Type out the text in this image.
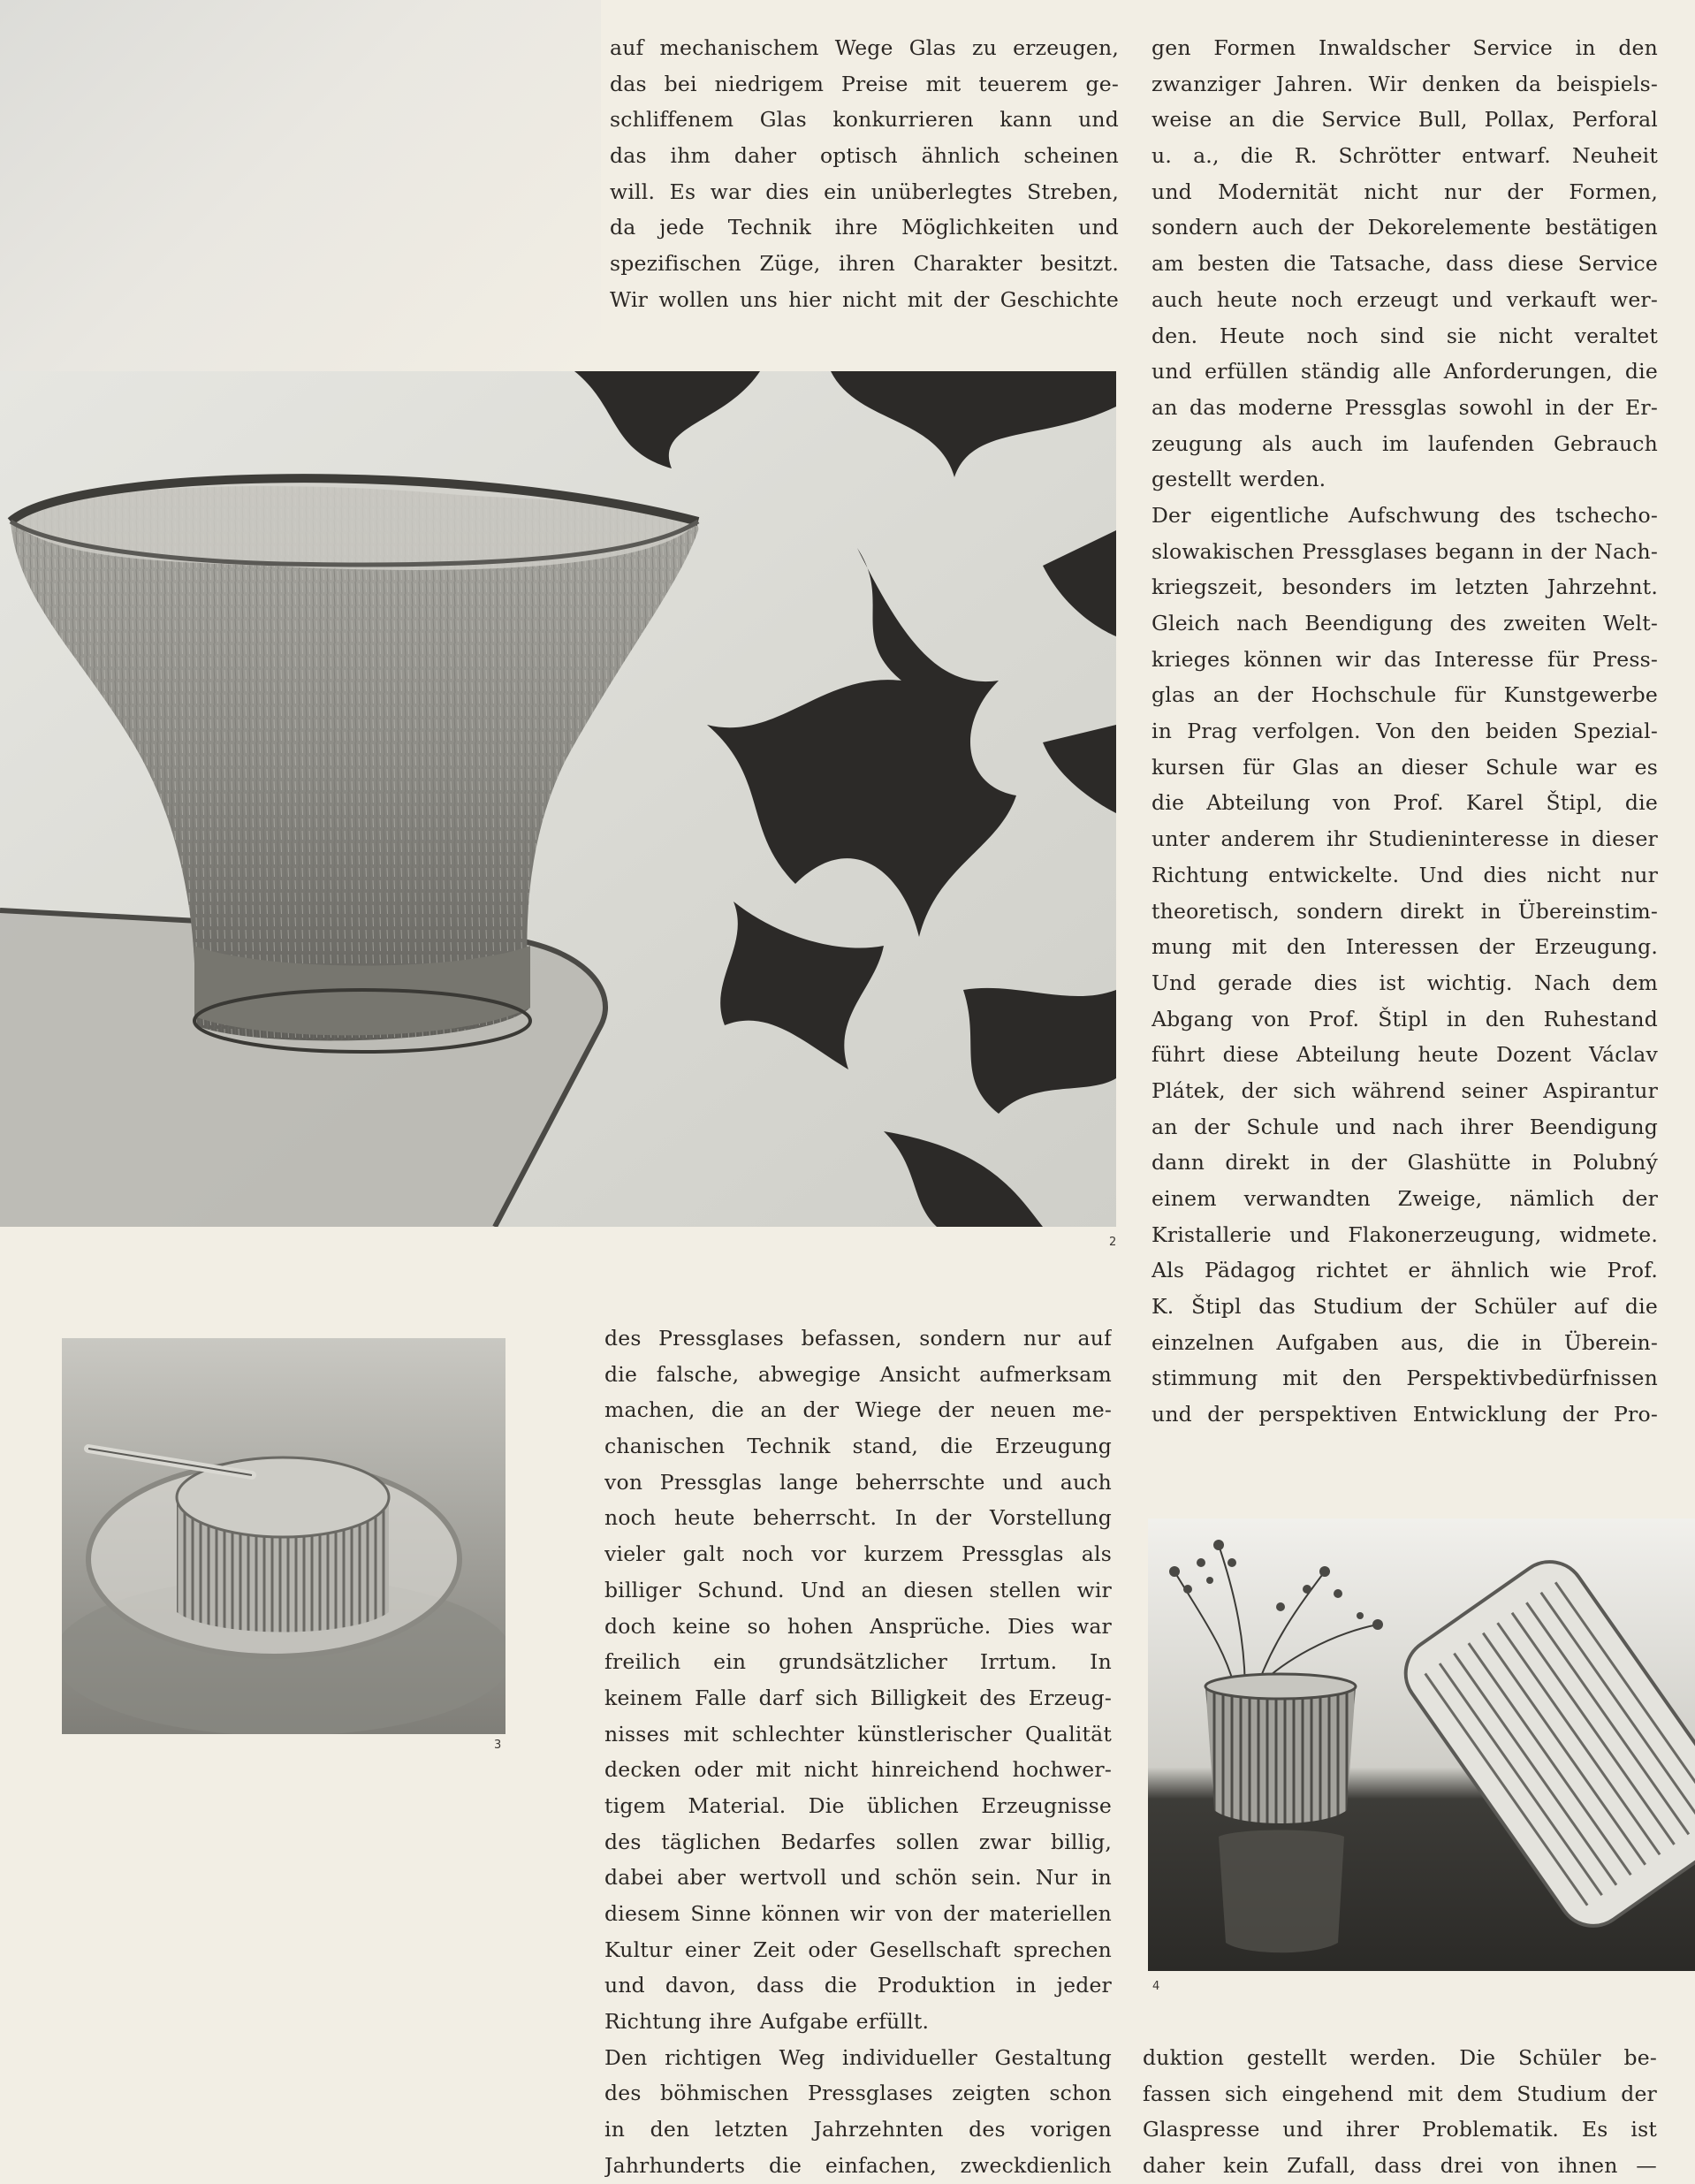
auf mechanischem Wege Glas zu erzeugen,
das bei niedrigem Preise mit teuerem ge-
schliffenem Glas konkurrieren kann und
das ihm daher optisch ähnlich scheinen
will. Es war dies ein unüberlegtes Streben,
da jede Technik ihre Möglichkeiten und
spezifischen Züge, ihren Charakter besitzt.
Wir wollen uns hier nicht mit der Geschichte
gen Formen Inwaldscher Service in den
zwanziger Jahren. Wir denken da beispiels-
weise an die Service Bull, Pollax, Perforal
u. a., die R. Schrötter entwarf. Neuheit
und Modernität nicht nur der Formen,
sondern auch der Dekorelemente bestätigen
am besten die Tatsache, dass diese Service
auch heute noch erzeugt und verkauft wer-
den. Heute noch sind sie nicht veraltet
und erfüllen ständig alle Anforderungen, die
an das moderne Pressglas sowohl in der Er-
zeugung als auch im laufenden Gebrauch
gestellt werden.
Der eigentliche Aufschwung des tschecho-
slowakischen Pressglases begann in der Nach-
kriegszeit, besonders im letzten Jahrzehnt.
Gleich nach Beendigung des zweiten Welt-
krieges können wir das Interesse für Press-
glas an der Hochschule für Kunstgewerbe
in Prag verfolgen. Von den beiden Spezial-
kursen für Glas an dieser Schule war es
die Abteilung von Prof. Karel Štipl, die
unter anderem ihr Studieninteresse in dieser
Richtung entwickelte. Und dies nicht nur
theoretisch, sondern direkt in Übereinstim-
mung mit den Interessen der Erzeugung.
Und gerade dies ist wichtig. Nach dem
Abgang von Prof. Štipl in den Ruhestand
führt diese Abteilung heute Dozent Václav
Plátek, der sich während seiner Aspirantur
an der Schule und nach ihrer Beendigung
dann direkt in der Glashütte in Polubný
einem verwandten Zweige, nämlich der
Kristallerie und Flakonerzeugung, widmete.
Als Pädagog richtet er ähnlich wie Prof.
K. Štipl das Studium der Schüler auf die
einzelnen Aufgaben aus, die in Überein-
stimmung mit den Perspektivbedürfnissen
und der perspektiven Entwicklung der Pro-
des Pressglases befassen, sondern nur auf
die falsche, abwegige Ansicht aufmerksam
machen, die an der Wiege der neuen me-
chanischen Technik stand, die Erzeugung
von Pressglas lange beherrschte und auch
noch heute beherrscht. In der Vorstellung
vieler galt noch vor kurzem Pressglas als
billiger Schund. Und an diesen stellen wir
doch keine so hohen Ansprüche. Dies war
freilich ein grundsätzlicher Irrtum. In
keinem Falle darf sich Billigkeit des Erzeug-
nisses mit schlechter künstlerischer Qualität
decken oder mit nicht hinreichend hochwer-
tigem Material. Die üblichen Erzeugnisse
des täglichen Bedarfes sollen zwar billig,
dabei aber wertvoll und schön sein. Nur in
diesem Sinne können wir von der materiellen
Kultur einer Zeit oder Gesellschaft sprechen
und davon, dass die Produktion in jeder
Richtung ihre Aufgabe erfüllt.
Den richtigen Weg individueller Gestaltung
des böhmischen Pressglases zeigten schon
in den letzten Jahrzehnten des vorigen
Jahrhunderts die einfachen, zweckdienlich
duktion gestellt werden. Die Schüler be-
fassen sich eingehend mit dem Studium der
Glaspresse und ihrer Problematik. Es ist
daher kein Zufall, dass drei von ihnen —
2
3
4
